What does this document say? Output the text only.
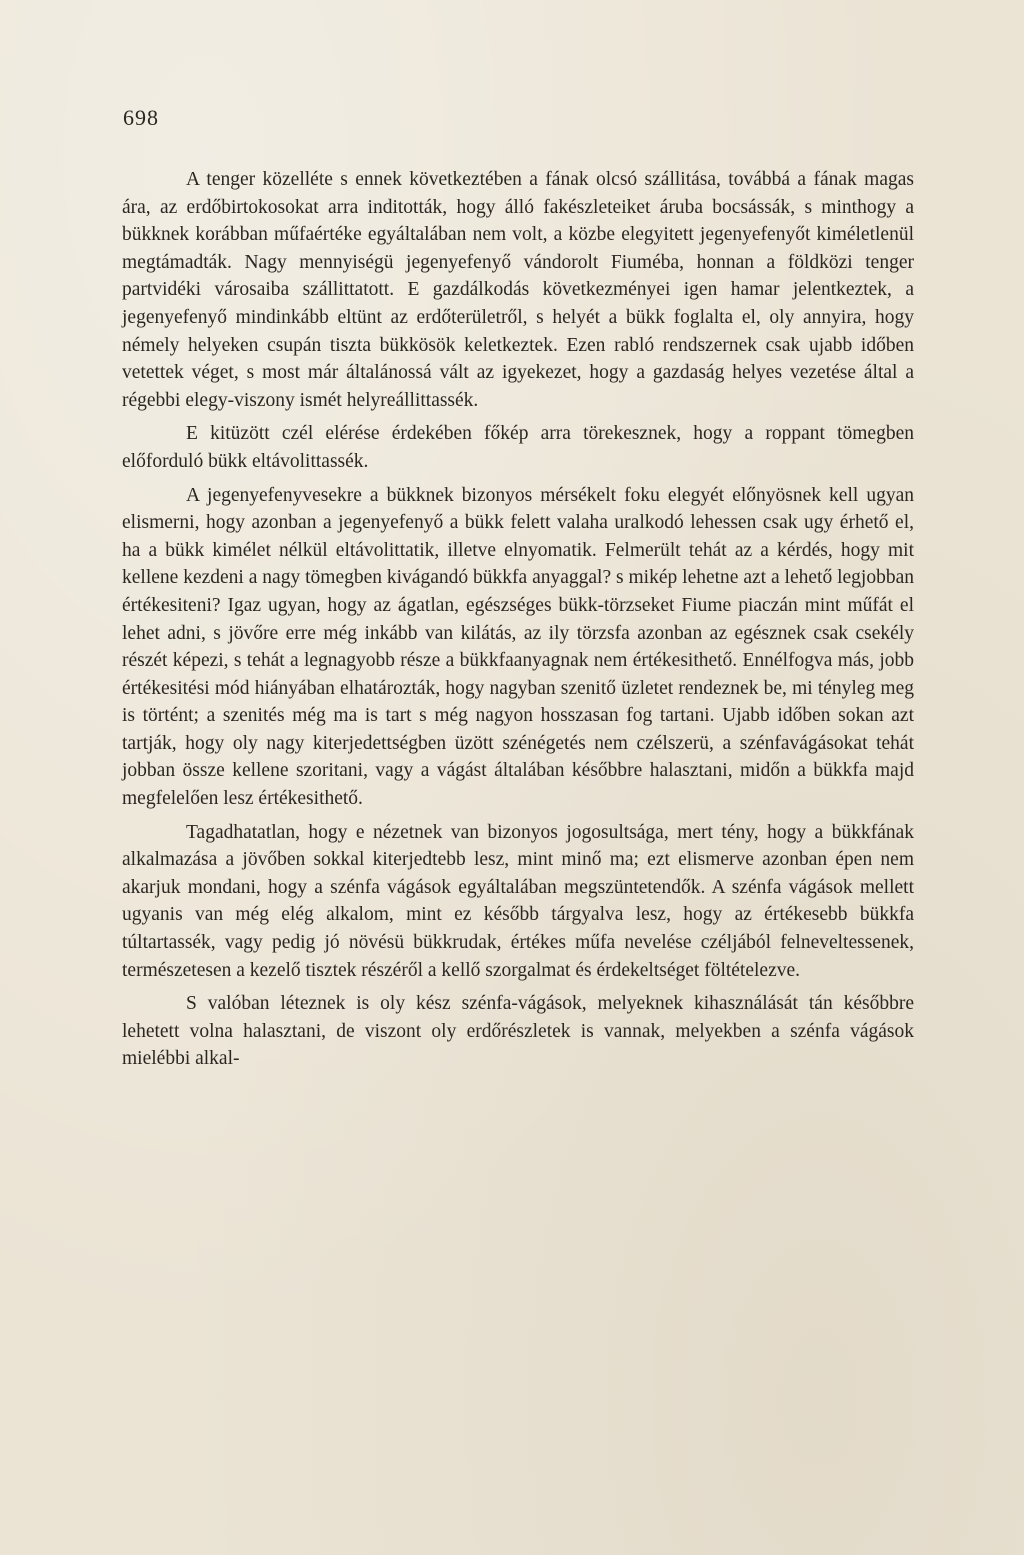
698

A tenger közelléte s ennek következtében a fának olcsó szállitása, továbbá a fának magas ára, az erdőbirtokosokat arra inditották, hogy álló fakészleteiket áruba bocsássák, s minthogy a bükknek korábban műfaértéke egyáltalában nem volt, a közbe elegyitett jegenyefenyőt kiméletlenül megtámadták. Nagy mennyiségü jegenyefenyő vándorolt Fiuméba, honnan a földközi tenger partvidéki városaiba szállittatott. E gazdálkodás következményei igen hamar jelentkeztek, a jegenyefenyő mindinkább eltünt az erdőterületről, s helyét a bükk foglalta el, oly annyira, hogy némely helyeken csupán tiszta bükkösök keletkeztek. Ezen rabló rendszernek csak ujabb időben vetettek véget, s most már általánossá vált az igyekezet, hogy a gazdaság helyes vezetése által a régebbi elegy-viszony ismét helyreállittassék.

E kitüzött czél elérése érdekében főkép arra törekesznek, hogy a roppant tömegben előforduló bükk eltávolittassék.

A jegenyefenyvesekre a bükknek bizonyos mérsékelt foku elegyét előnyösnek kell ugyan elismerni, hogy azonban a jegenyefenyő a bükk felett valaha uralkodó lehessen csak ugy érhető el, ha a bükk kimélet nélkül eltávolittatik, illetve elnyomatik. Felmerült tehát az a kérdés, hogy mit kellene kezdeni a nagy tömegben kivágandó bükkfa anyaggal? s mikép lehetne azt a lehető legjobban értékesiteni? Igaz ugyan, hogy az ágatlan, egészséges bükk-törzseket Fiume piaczán mint műfát el lehet adni, s jövőre erre még inkább van kilátás, az ily törzsfa azonban az egésznek csak csekély részét képezi, s tehát a legnagyobb része a bükkfaanyagnak nem értékesithető. Ennélfogva más, jobb értékesitési mód hiányában elhatározták, hogy nagyban szenitő üzletet rendeznek be, mi tényleg meg is történt; a szenités még ma is tart s még nagyon hosszasan fog tartani. Ujabb időben sokan azt tartják, hogy oly nagy kiterjedettségben üzött szénégetés nem czélszerü, a szénfavágásokat tehát jobban össze kellene szoritani, vagy a vágást általában későbbre halasztani, midőn a bükkfa majd megfelelően lesz értékesithető.

Tagadhatatlan, hogy e nézetnek van bizonyos jogosultsága, mert tény, hogy a bükkfának alkalmazása a jövőben sokkal kiterjedtebb lesz, mint minő ma; ezt elismerve azonban épen nem akarjuk mondani, hogy a szénfa vágások egyáltalában megszüntetendők. A szénfa vágások mellett ugyanis van még elég alkalom, mint ez később tárgyalva lesz, hogy az értékesebb bükkfa túltartassék, vagy pedig jó növésü bükkrudak, értékes műfa nevelése czéljából felneveltessenek, természetesen a kezelő tisztek részéről a kellő szorgalmat és érdekeltséget föltételezve.

S valóban léteznek is oly kész szénfa-vágások, melyeknek kihasználását tán későbbre lehetett volna halasztani, de viszont oly erdőrészletek is vannak, melyekben a szénfa vágások mielébbi alkal-
